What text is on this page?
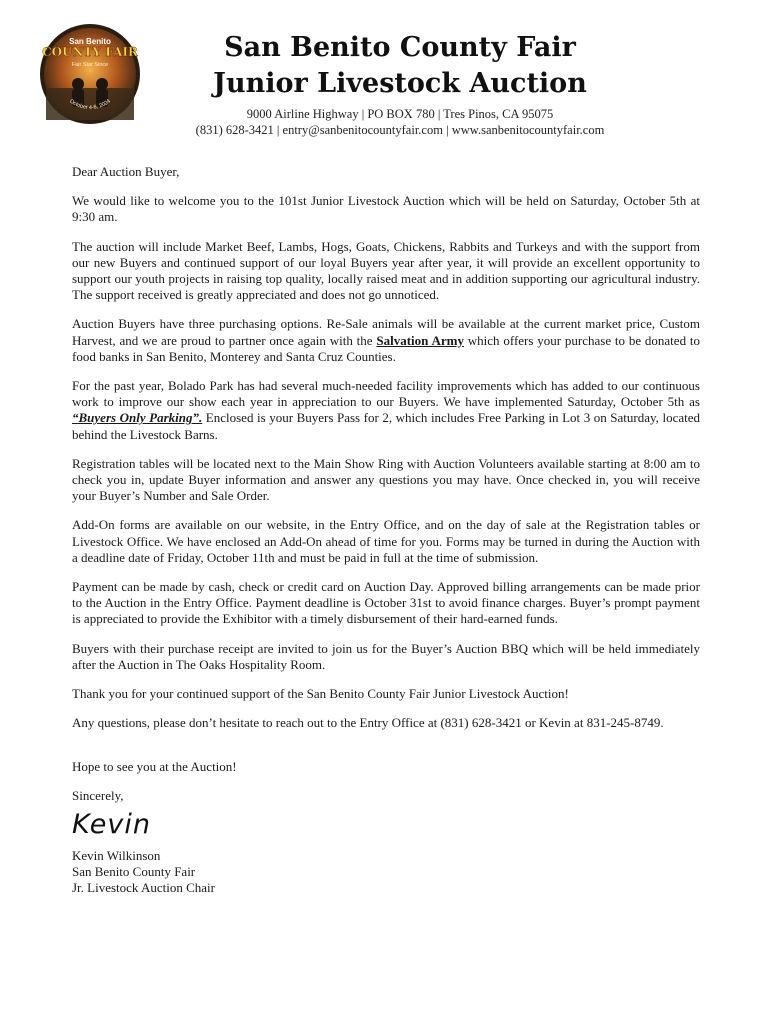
San Benito
COUNTY FAIR
Fair Star Since
October 4-6, 2024
San Benito County Fair
Junior Livestock Auction
9000 Airline Highway | PO BOX 780 | Tres Pinos, CA 95075
(831) 628-3421 | entry@sanbenitocountyfair.com | www.sanbenitocountyfair.com

Dear Auction Buyer,

We would like to welcome you to the 101st Junior Livestock Auction which will be held on Saturday, October 5th at 9:30 am.

The auction will include Market Beef, Lambs, Hogs, Goats, Chickens, Rabbits and Turkeys and with the support from our new Buyers and continued support of our loyal Buyers year after year, it will provide an excellent opportunity to support our youth projects in raising top quality, locally raised meat and in addition supporting our agricultural industry. The support received is greatly appreciated and does not go unnoticed.

Auction Buyers have three purchasing options. Re-Sale animals will be available at the current market price, Custom Harvest, and we are proud to partner once again with the Salvation Army which offers your purchase to be donated to food banks in San Benito, Monterey and Santa Cruz Counties.

For the past year, Bolado Park has had several much-needed facility improvements which has added to our continuous work to improve our show each year in appreciation to our Buyers. We have implemented Saturday, October 5th as “Buyers Only Parking”. Enclosed is your Buyers Pass for 2, which includes Free Parking in Lot 3 on Saturday, located behind the Livestock Barns.

Registration tables will be located next to the Main Show Ring with Auction Volunteers available starting at 8:00 am to check you in, update Buyer information and answer any questions you may have. Once checked in, you will receive your Buyer’s Number and Sale Order.

Add-On forms are available on our website, in the Entry Office, and on the day of sale at the Registration tables or Livestock Office. We have enclosed an Add-On ahead of time for you. Forms may be turned in during the Auction with a deadline date of Friday, October 11th and must be paid in full at the time of submission.

Payment can be made by cash, check or credit card on Auction Day. Approved billing arrangements can be made prior to the Auction in the Entry Office. Payment deadline is October 31st to avoid finance charges. Buyer’s prompt payment is appreciated to provide the Exhibitor with a timely disbursement of their hard-earned funds.

Buyers with their purchase receipt are invited to join us for the Buyer’s Auction BBQ which will be held immediately after the Auction in The Oaks Hospitality Room.

Thank you for your continued support of the San Benito County Fair Junior Livestock Auction!

Any questions, please don’t hesitate to reach out to the Entry Office at (831) 628-3421 or Kevin at 831-245-8749.

Hope to see you at the Auction!

Sincerely,

Kevin

Kevin Wilkinson

San Benito County Fair

Jr. Livestock Auction Chair
